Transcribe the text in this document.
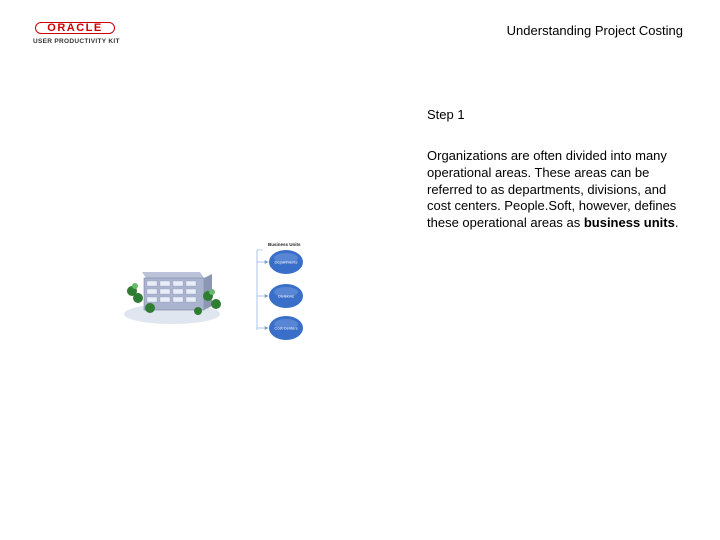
ORACLE
USER PRODUCTIVITY KIT
Understanding Project Costing
Step 1
Organizations are often divided into many operational areas. These areas can be referred to as departments, divisions, and cost centers. People.Soft, however, defines these operational areas as business units.
Business Units
Departments
Divisions
Cost Centers
